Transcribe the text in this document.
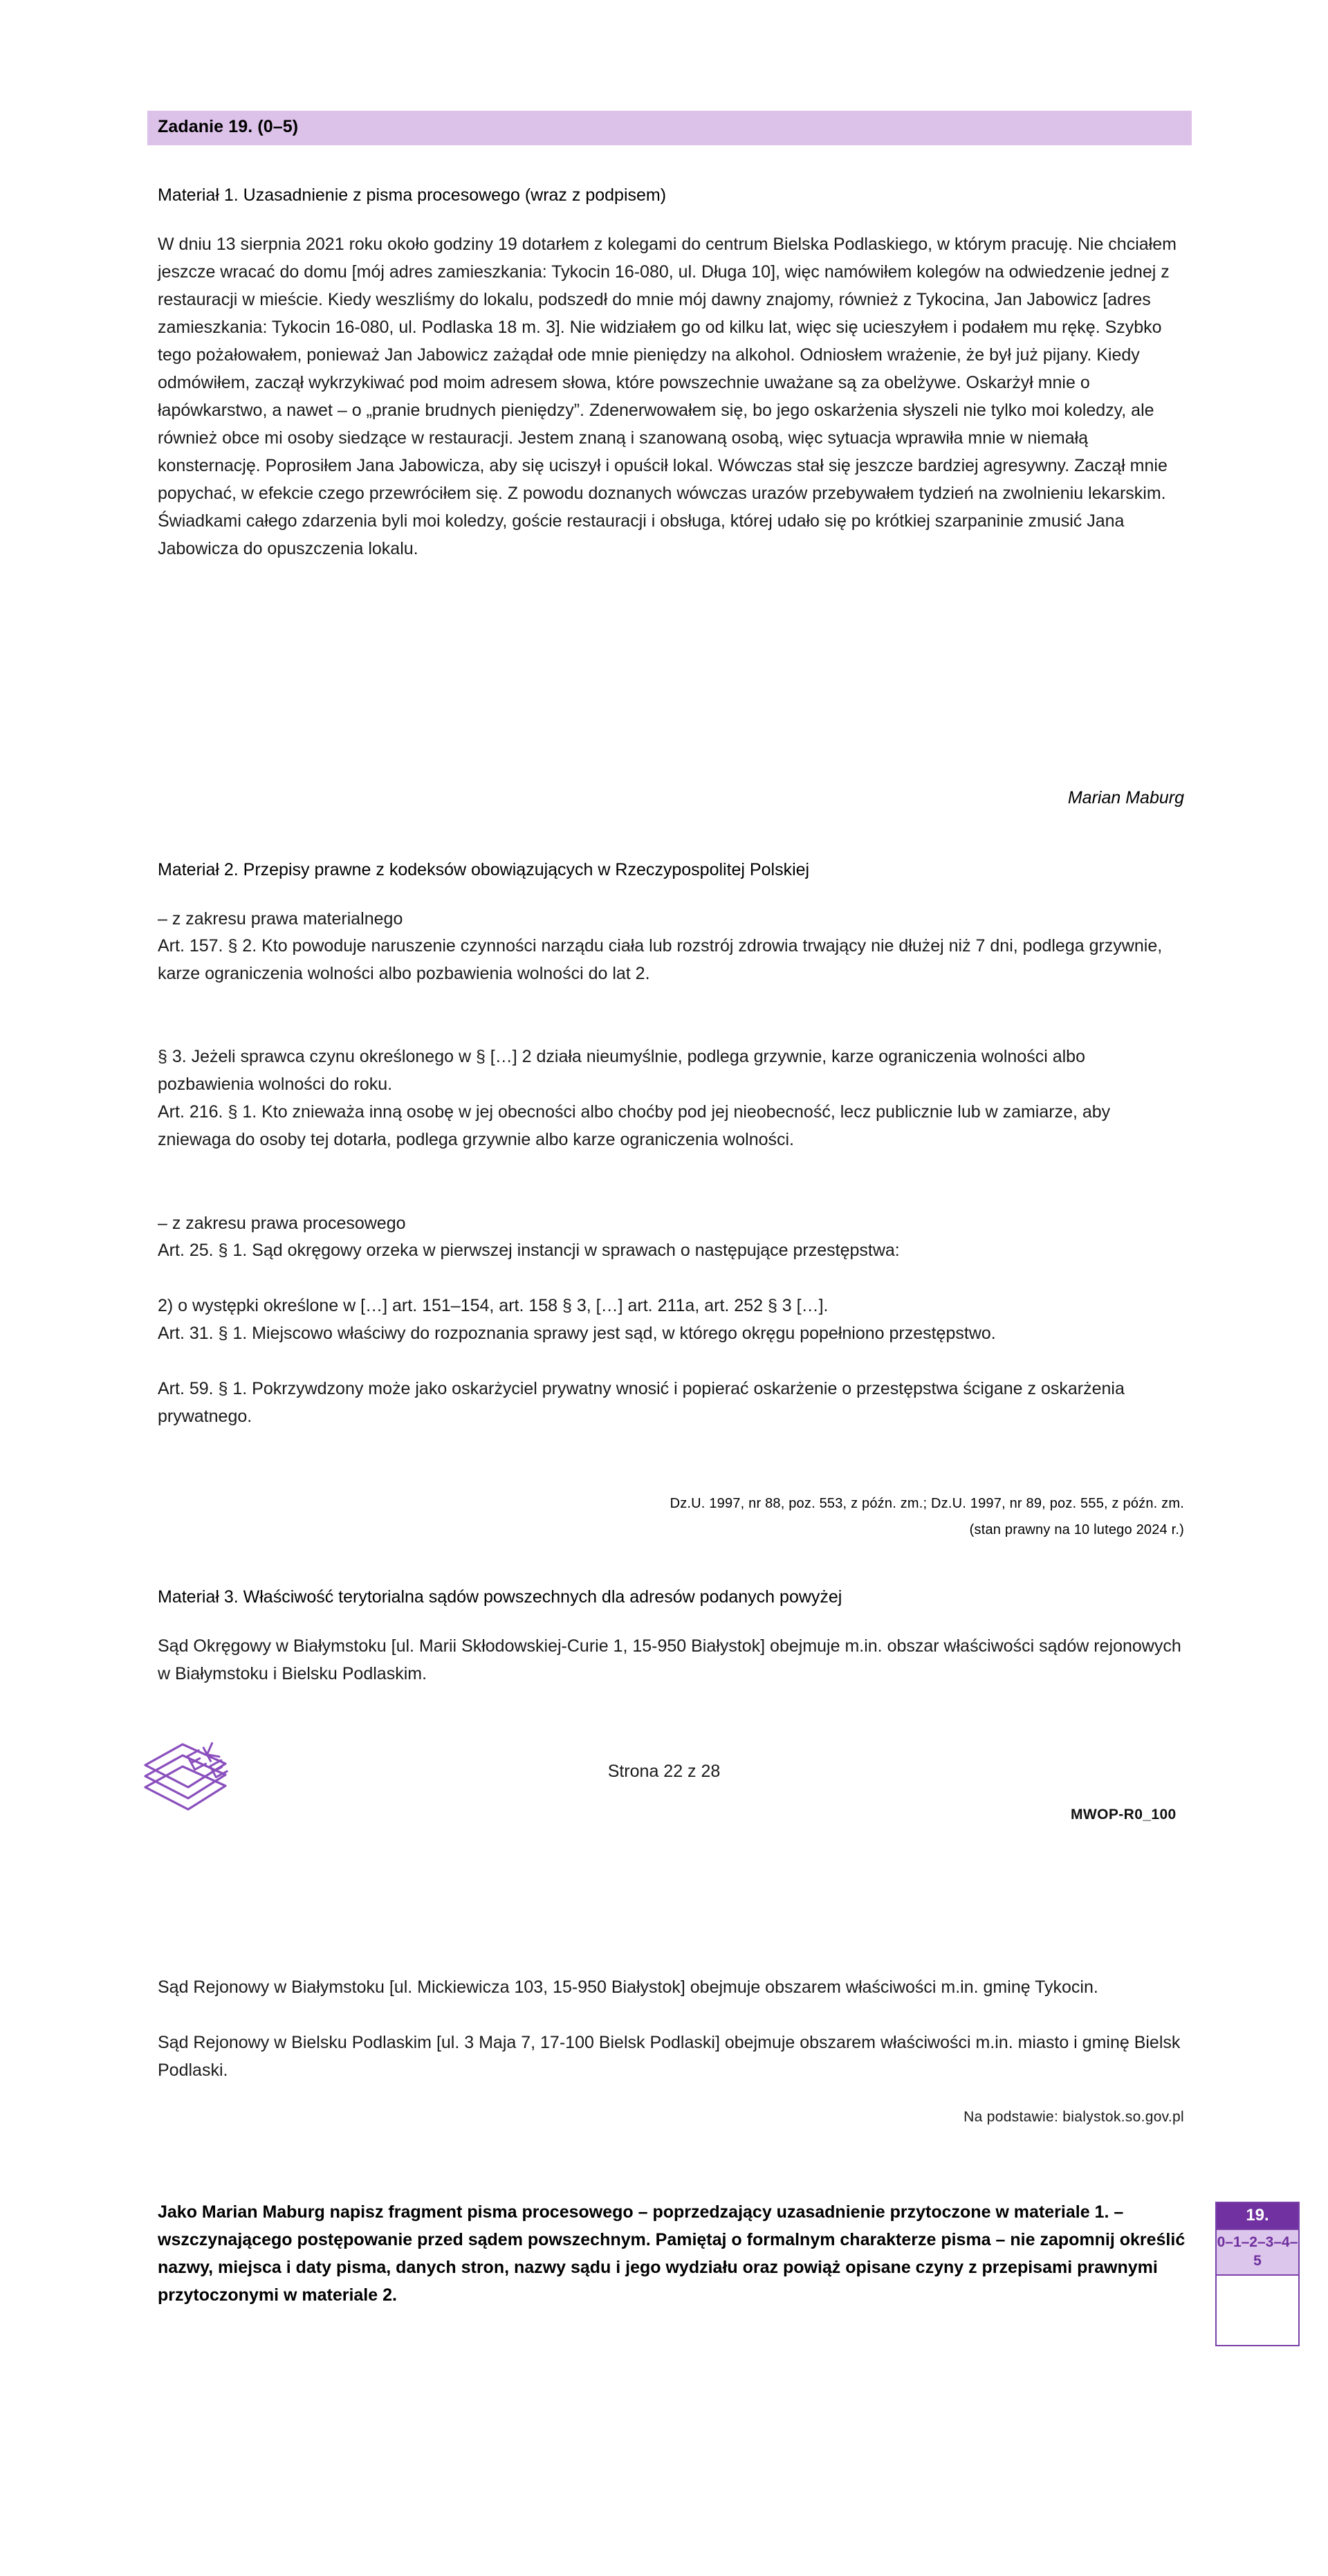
Zadanie 19. (0–5)
Materiał 1. Uzasadnienie z pisma procesowego (wraz z podpisem)
W dniu 13 sierpnia 2021 roku około godziny 19 dotarłem z kolegami do centrum Bielska Podlaskiego, w którym pracuję. Nie chciałem jeszcze wracać do domu [mój adres zamieszkania: Tykocin 16-080, ul. Długa 10], więc namówiłem kolegów na odwiedzenie jednej z restauracji w mieście. Kiedy weszliśmy do lokalu, podszedł do mnie mój dawny znajomy, również z Tykocina, Jan Jabowicz [adres zamieszkania: Tykocin 16-080, ul. Podlaska 18 m. 3]. Nie widziałem go od kilku lat, więc się ucieszyłem i podałem mu rękę. Szybko tego pożałowałem, ponieważ Jan Jabowicz zażądał ode mnie pieniędzy na alkohol. Odniosłem wrażenie, że był już pijany. Kiedy odmówiłem, zaczął wykrzykiwać pod moim adresem słowa, które powszechnie uważane są za obelżywe. Oskarżył mnie o łapówkarstwo, a nawet – o „pranie brudnych pieniędzy”. Zdenerwowałem się, bo jego oskarżenia słyszeli nie tylko moi koledzy, ale również obce mi osoby siedzące w restauracji. Jestem znaną i szanowaną osobą, więc sytuacja wprawiła mnie w niemałą konsternację. Poprosiłem Jana Jabowicza, aby się uciszył i opuścił lokal. Wówczas stał się jeszcze bardziej agresywny. Zaczął mnie popychać, w efekcie czego przewróciłem się. Z powodu doznanych wówczas urazów przebywałem tydzień na zwolnieniu lekarskim. Świadkami całego zdarzenia byli moi koledzy, goście restauracji i obsługa, której udało się po krótkiej szarpaninie zmusić Jana Jabowicza do opuszczenia lokalu.
Marian Maburg
Materiał 2. Przepisy prawne z kodeksów obowiązujących w Rzeczypospolitej Polskiej
– z zakresu prawa materialnego
Art. 157. § 2. Kto powoduje naruszenie czynności narządu ciała lub rozstrój zdrowia trwający nie dłużej niż 7 dni, podlega grzywnie, karze ograniczenia wolności albo pozbawienia wolności do lat 2.
§ 3. Jeżeli sprawca czynu określonego w § […] 2 działa nieumyślnie, podlega grzywnie, karze ograniczenia wolności albo pozbawienia wolności do roku.
Art. 216. § 1. Kto znieważa inną osobę w jej obecności albo choćby pod jej nieobecność, lecz publicznie lub w zamiarze, aby zniewaga do osoby tej dotarła, podlega grzywnie albo karze ograniczenia wolności.
– z zakresu prawa procesowego
Art. 25. § 1. Sąd okręgowy orzeka w pierwszej instancji w sprawach o następujące przestępstwa:
2) o występki określone w […] art. 151–154, art. 158 § 3, […] art. 211a, art. 252 § 3 […].
Art. 31. § 1. Miejscowo właściwy do rozpoznania sprawy jest sąd, w którego okręgu popełniono przestępstwo.
Art. 59. § 1. Pokrzywdzony może jako oskarżyciel prywatny wnosić i popierać oskarżenie o przestępstwa ścigane z oskarżenia prywatnego.
Dz.U. 1997, nr 88, poz. 553, z późn. zm.; Dz.U. 1997, nr 89, poz. 555, z późn. zm.
(stan prawny na 10 lutego 2024 r.)
Materiał 3. Właściwość terytorialna sądów powszechnych dla adresów podanych powyżej
Sąd Okręgowy w Białymstoku [ul. Marii Skłodowskiej-Curie 1, 15-950 Białystok] obejmuje m.in. obszar właściwości sądów rejonowych w Białymstoku i Bielsku Podlaskim.
Strona 22 z 28
MWOP-R0_100
Sąd Rejonowy w Białymstoku [ul. Mickiewicza 103, 15-950 Białystok] obejmuje obszarem właściwości m.in. gminę Tykocin.
Sąd Rejonowy w Bielsku Podlaskim [ul. 3 Maja 7, 17-100 Bielsk Podlaski] obejmuje obszarem właściwości m.in. miasto i gminę Bielsk Podlaski.
Na podstawie: bialystok.so.gov.pl
Jako Marian Maburg napisz fragment pisma procesowego – poprzedzający uzasadnienie przytoczone w materiale 1. – wszczynającego postępowanie przed sądem powszechnym. Pamiętaj o formalnym charakterze pisma – nie zapomnij określić nazwy, miejsca i daty pisma, danych stron, nazwy sądu i jego wydziału oraz powiąż opisane czyny z przepisami prawnymi przytoczonymi w materiale 2.
19.
0–1–2–3–4–5
